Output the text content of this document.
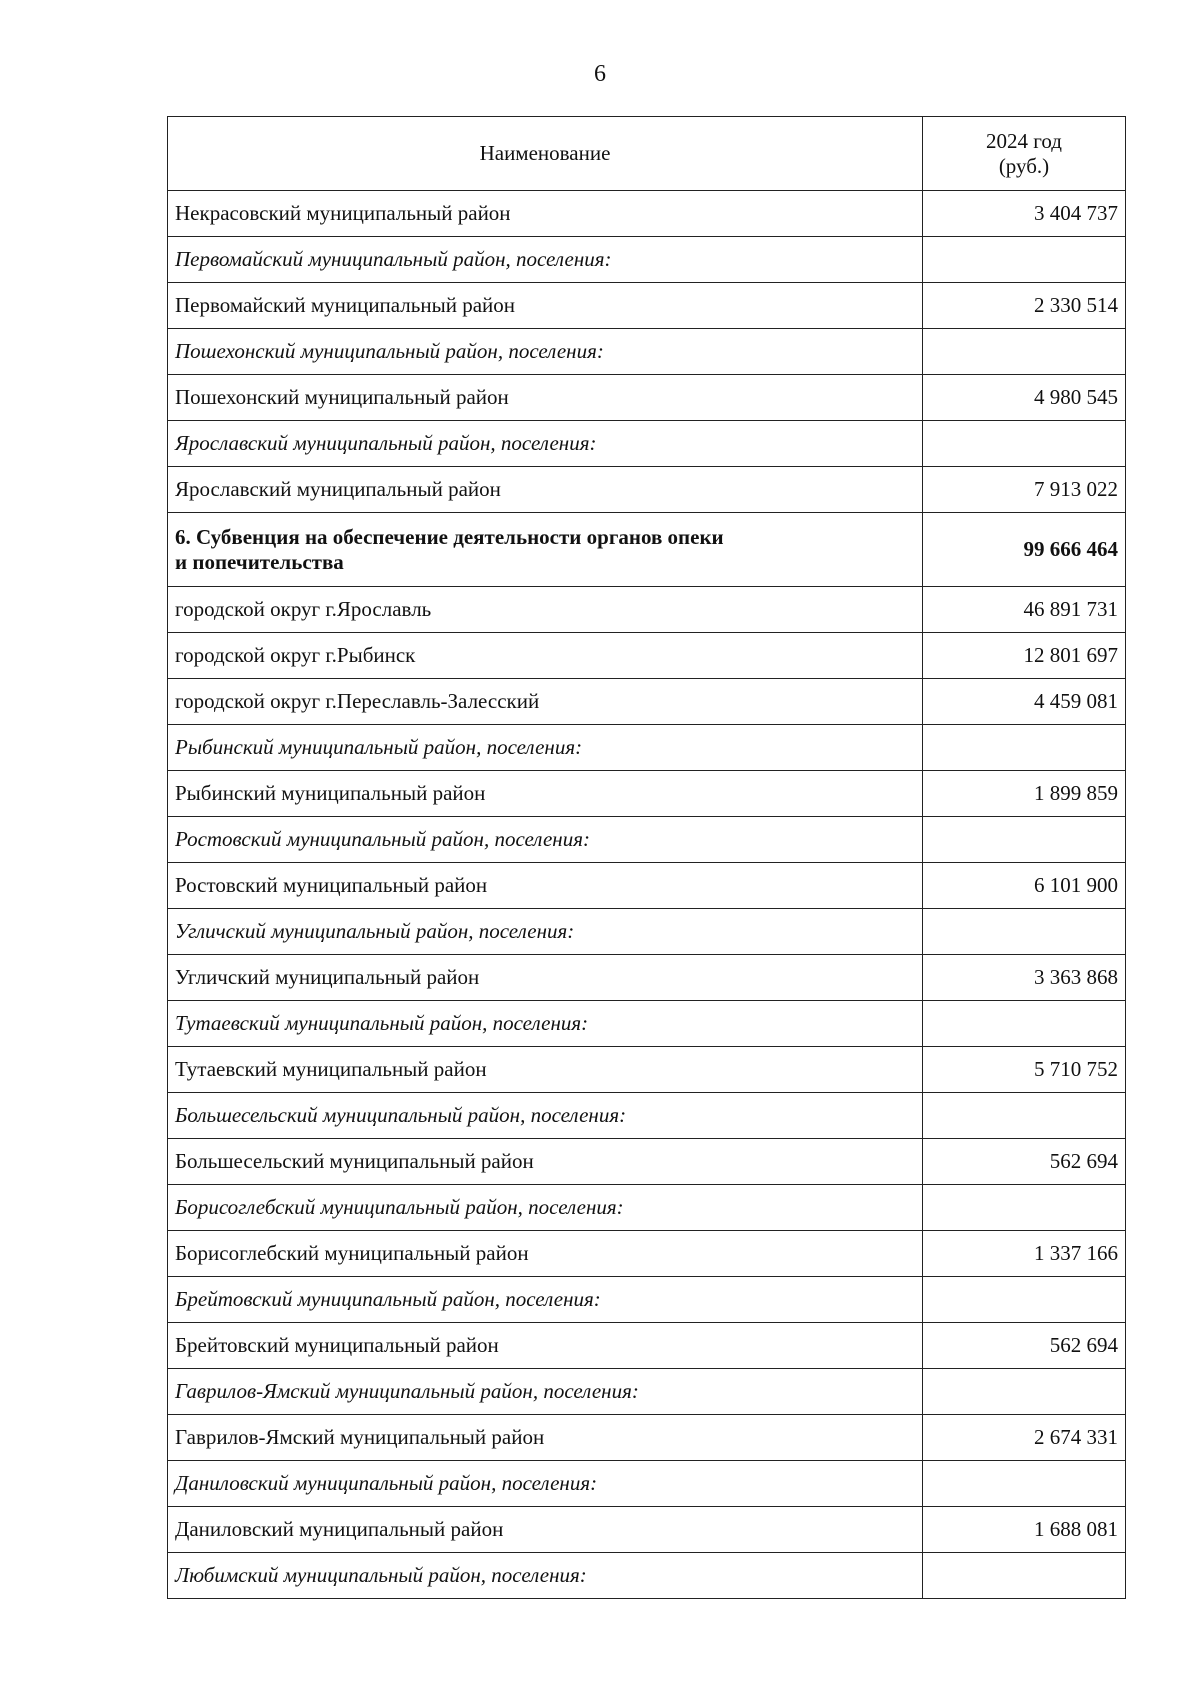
6
Наименование	2024 год
(руб.)

Некрасовский муниципальный район	3 404 737
Первомайский муниципальный район, поселения:	
Первомайский муниципальный район	2 330 514
Пошехонский муниципальный район, поселения:	
Пошехонский муниципальный район	4 980 545
Ярославский муниципальный район, поселения:	
Ярославский муниципальный район	7 913 022
6. Субвенция на обеспечение деятельности органов опеки
и попечительства	99 666 464
городской округ г.Ярославль	46 891 731
городской округ г.Рыбинск	12 801 697
городской округ г.Переславль-Залесский	4 459 081
Рыбинский муниципальный район, поселения:	
Рыбинский муниципальный район	1 899 859
Ростовский муниципальный район, поселения:	
Ростовский муниципальный район	6 101 900
Угличский муниципальный район, поселения:	
Угличский муниципальный район	3 363 868
Тутаевский муниципальный район, поселения:	
Тутаевский муниципальный район	5 710 752
Большесельский муниципальный район, поселения:	
Большесельский муниципальный район	562 694
Борисоглебский муниципальный район, поселения:	
Борисоглебский муниципальный район	1 337 166
Брейтовский муниципальный район, поселения:	
Брейтовский муниципальный район	562 694
Гаврилов-Ямский муниципальный район, поселения:	
Гаврилов-Ямский муниципальный район	2 674 331
Даниловский муниципальный район, поселения:	
Даниловский муниципальный район	1 688 081
Любимский муниципальный район, поселения:	
